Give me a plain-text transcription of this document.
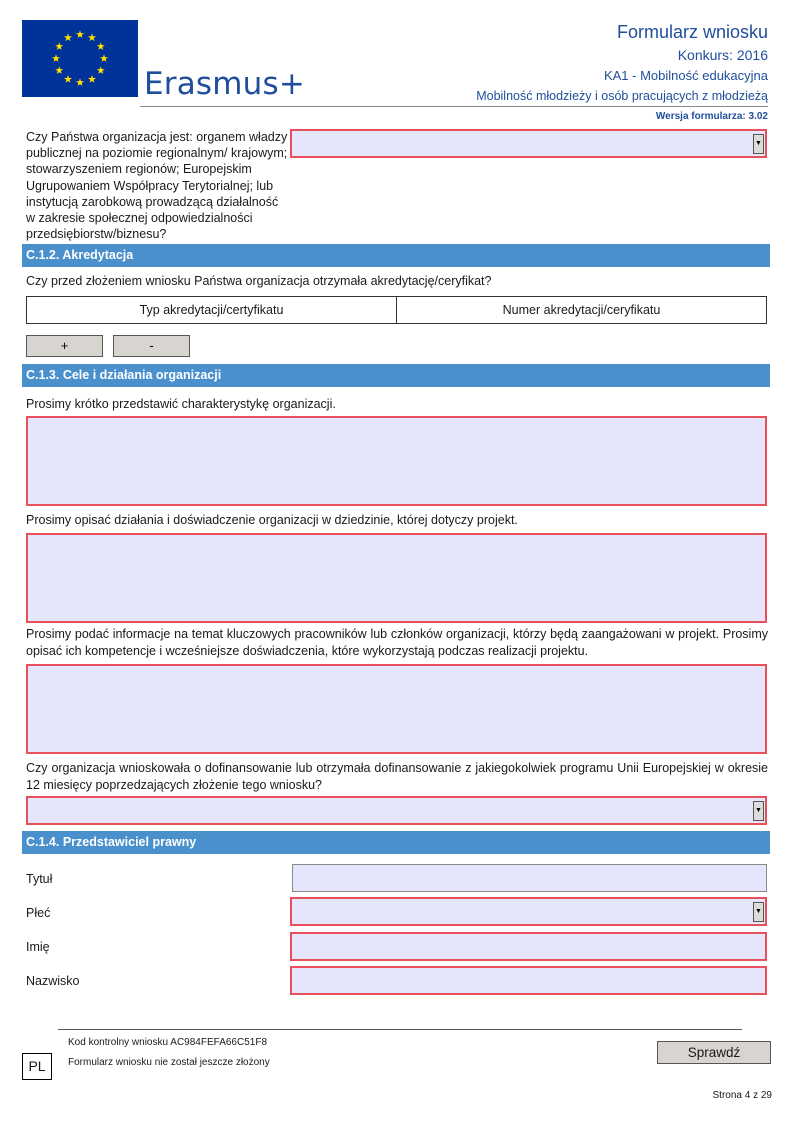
Erasmus+
Formularz wniosku
Konkurs: 2016
KA1 - Mobilność edukacyjna
Mobilność młodzieży i osób pracujących z młodzieżą
Wersja formularza: 3.02
Czy Państwa organizacja jest: organem władzy publicznej na poziomie regionalnym/ krajowym; stowarzyszeniem regionów; Europejskim Ugrupowaniem Współpracy Terytorialnej; lub instytucją zarobkową prowadzącą działalność w zakresie społecznej odpowiedzialności przedsiębiorstw/biznesu?
▼
C.1.2. Akredytacja
Czy przed złożeniem wniosku Państwa organizacja otrzymała akredytację/ceryfikat?
Typ akredytacji/certyfikatu	Numer akredytacji/ceryfikatu
+	-
C.1.3. Cele i działania organizacji
Prosimy krótko przedstawić charakterystykę organizacji.
Prosimy opisać działania i doświadczenie organizacji w dziedzinie, której dotyczy projekt.
Prosimy podać informacje na temat kluczowych pracowników lub członków organizacji, którzy będą zaangażowani w projekt. Prosimy opisać ich kompetencje i wcześniejsze doświadczenia, które wykorzystają podczas realizacji projektu.
Czy organizacja wnioskowała o dofinansowanie lub otrzymała dofinansowanie z jakiegokolwiek programu Unii Europejskiej w okresie 12 miesięcy poprzedzających złożenie tego wniosku?
▼
C.1.4. Przedstawiciel prawny
Tytuł
Płeć	▼
Imię
Nazwisko
Kod kontrolny wniosku AC984FEFA66C51F8
Formularz wniosku nie został jeszcze złożony
PL
Sprawdź
Strona 4 z 29
